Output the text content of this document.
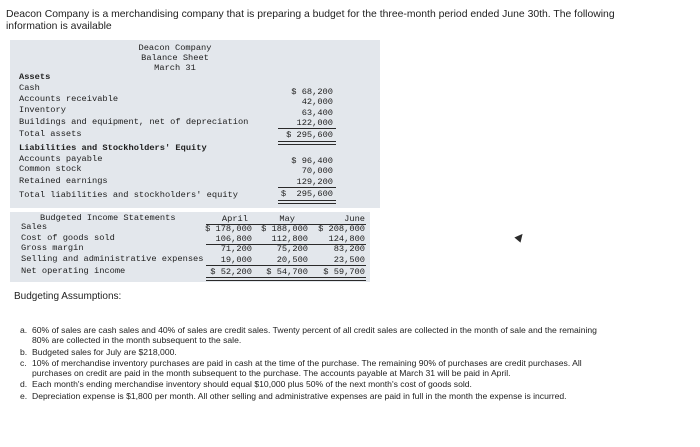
Deacon Company is a merchandising company that is preparing a budget for the three-month period ended June 30th. The following information is available

Deacon Company
Balance Sheet
March 31
Assets
Cash	$ 68,200
Accounts receivable	42,000
Inventory	63,400
Buildings and equipment, net of depreciation	122,000
Total assets	$ 295,600
Liabilities and Stockholders' Equity
Accounts payable	$ 96,400
Common stock	70,000
Retained earnings	129,200
Total liabilities and stockholders' equity	$  295,600
Budgeted Income Statements	April	May	June
Sales	$ 178,000	$ 188,000	$ 208,000
Cost of goods sold	106,800	112,800	124,800
Gross margin	71,200	75,200	83,200
Selling and administrative expenses	19,000	20,500	23,500
Net operating income	$ 52,200	$ 54,700	$ 59,700
Budgeting Assumptions:
a. 60% of sales are cash sales and 40% of sales are credit sales. Twenty percent of all credit sales are collected in the month of sale and the remaining 80% are collected in the month subsequent to the sale.
b. Budgeted sales for July are $218,000.
c. 10% of merchandise inventory purchases are paid in cash at the time of the purchase. The remaining 90% of purchases are credit purchases. All purchases on credit are paid in the month subsequent to the purchase. The accounts payable at March 31 will be paid in April.
d. Each month's ending merchandise inventory should equal $10,000 plus 50% of the next month's cost of goods sold.
e. Depreciation expense is $1,800 per month. All other selling and administrative expenses are paid in full in the month the expense is incurred.
